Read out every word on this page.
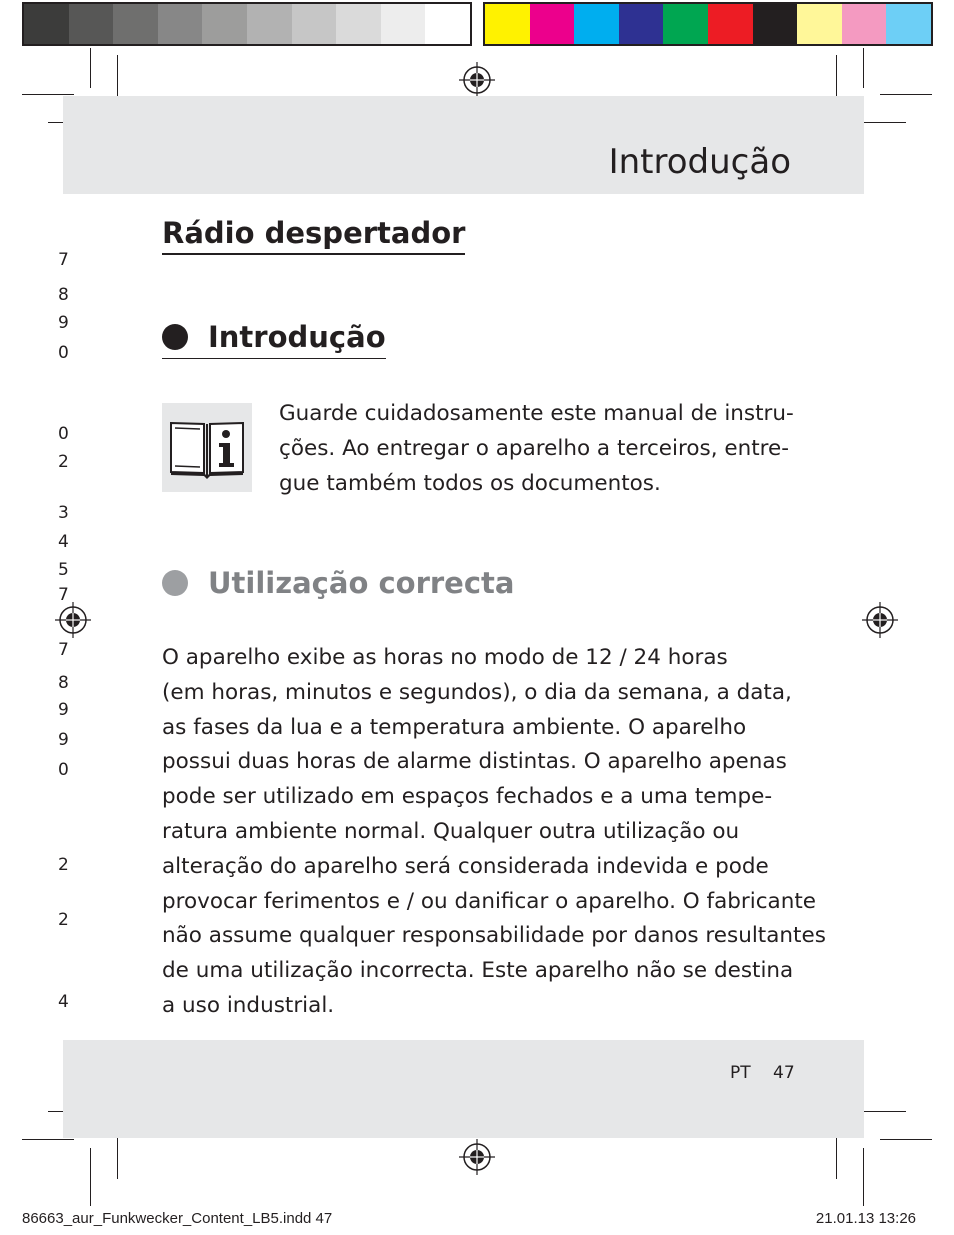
Introdução
Rádio despertador
7
8
9
0
0
2
3
4
5
7
7
8
9
9
0
2
2
4
Introdução
Guarde cuidadosamente este manual de instru-
ções. Ao entregar o aparelho a terceiros, entre-
gue também todos os documentos.
Utilização correcta
O aparelho exibe as horas no modo de 12 / 24 horas
(em horas, minutos e segundos), o dia da semana, a data,
as fases da lua e a temperatura ambiente. O aparelho
possui duas horas de alarme distintas. O aparelho apenas
pode ser utilizado em espaços fechados e a uma tempe-
ratura ambiente normal. Qualquer outra utilização ou
alteração do aparelho será considerada indevida e pode
provocar ferimentos e / ou danificar o aparelho. O fabricante
não assume qualquer responsabilidade por danos resultantes
de uma utilização incorrecta. Este aparelho não se destina
a uso industrial.
PT 47
86663_aur_Funkwecker_Content_LB5.indd 47	21.01.13 13:26
